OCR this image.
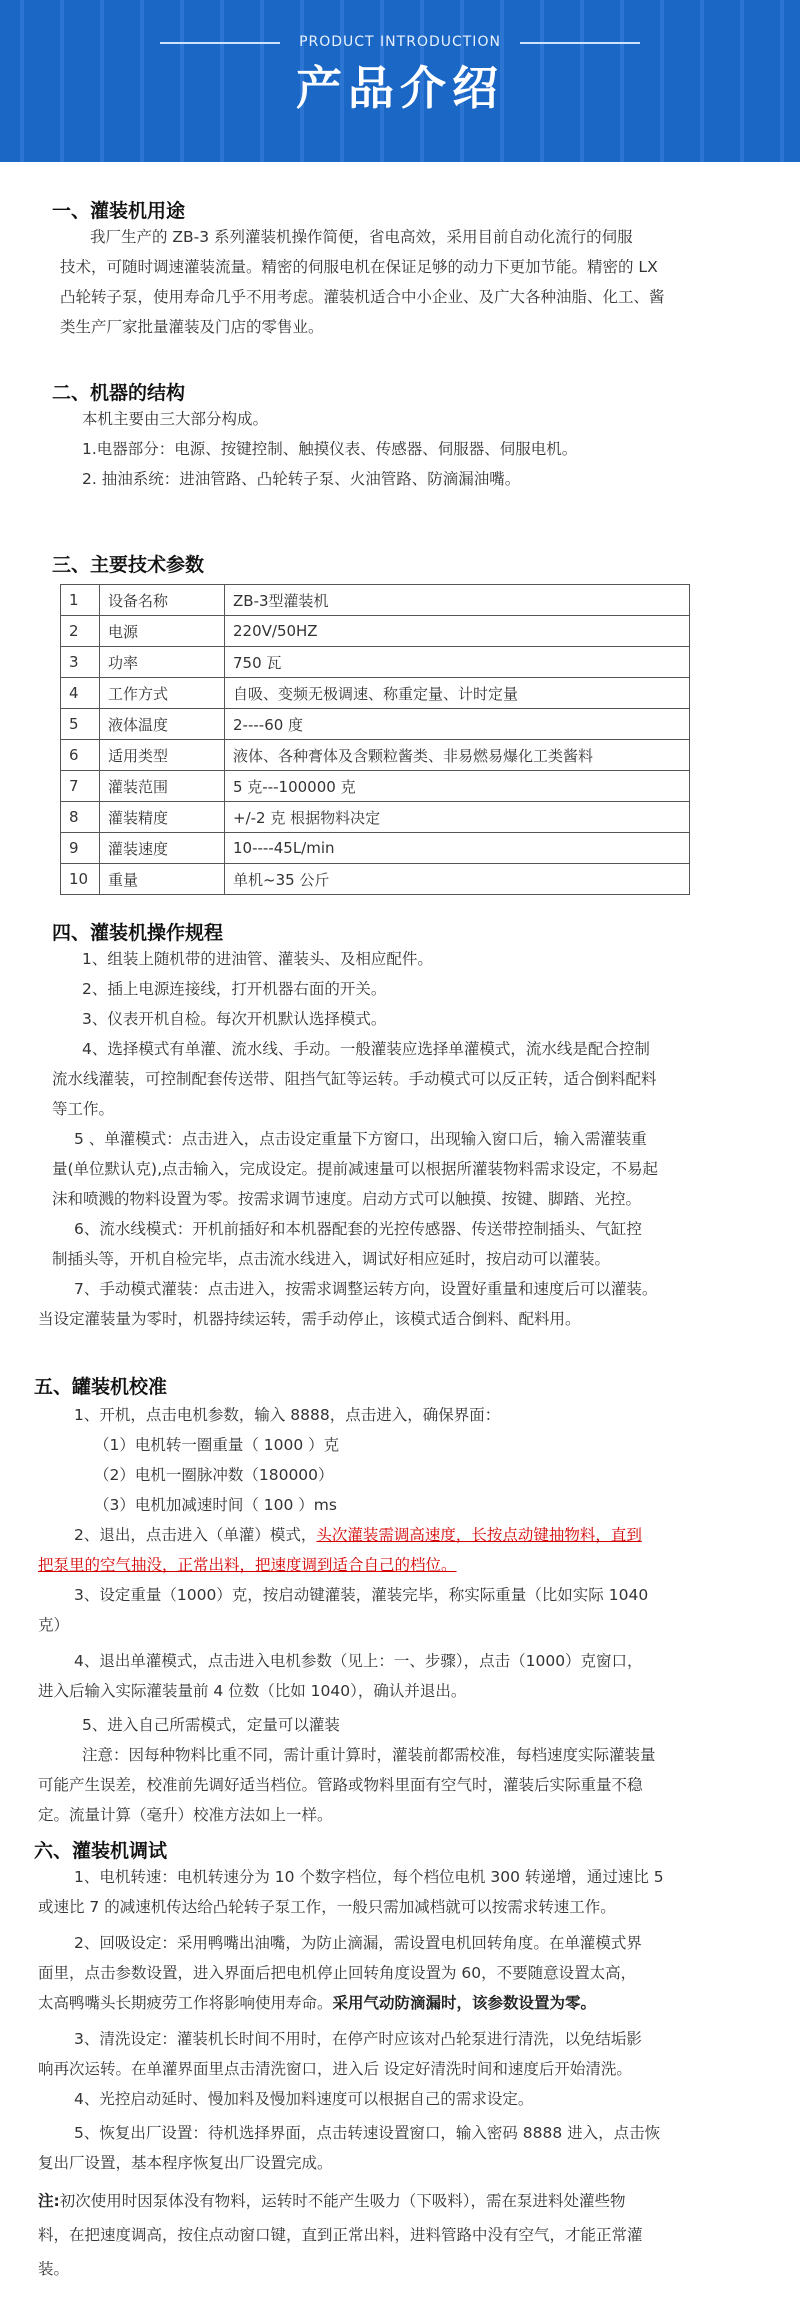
PRODUCT INTRODUCTION
产品介绍
一、灌装机用途
我厂生产的 ZB-3 系列灌装机操作简便，省电高效，采用目前自动化流行的伺服
技术，可随时调速灌装流量。精密的伺服电机在保证足够的动力下更加节能。精密的 LX
凸轮转子泵，使用寿命几乎不用考虑。灌装机适合中小企业、及广大各种油脂、化工、酱
类生产厂家批量灌装及门店的零售业。
二、机器的结构
本机主要由三大部分构成。
1.电器部分：电源、按键控制、触摸仪表、传感器、伺服器、伺服电机。
2. 抽油系统：进油管路、凸轮转子泵、火油管路、防滴漏油嘴。
三、主要技术参数
1	设备名称	ZB-3型灌装机
2	电源	220V/50HZ
3	功率	750 瓦
4	工作方式	自吸、变频无极调速、称重定量、计时定量
5	液体温度	2----60 度
6	适用类型	液体、各种膏体及含颗粒酱类、非易燃易爆化工类酱料
7	灌装范围	5 克---100000 克
8	灌装精度	+/-2 克 根据物料决定
9	灌装速度	10----45L/min
10	重量	单机~35 公斤
四、灌装机操作规程
1、组装上随机带的进油管、灌装头、及相应配件。
2、插上电源连接线，打开机器右面的开关。
3、仪表开机自检。每次开机默认选择模式。
4、选择模式有单灌、流水线、手动。一般灌装应选择单灌模式，流水线是配合控制
流水线灌装，可控制配套传送带、阻挡气缸等运转。手动模式可以反正转，适合倒料配料
等工作。
5 、单灌模式：点击进入，点击设定重量下方窗口，出现输入窗口后，输入需灌装重
量(单位默认克),点击输入，完成设定。提前减速量可以根据所灌装物料需求设定，不易起
沫和喷溅的物料设置为零。按需求调节速度。启动方式可以触摸、按键、脚踏、光控。
6、流水线模式：开机前插好和本机器配套的光控传感器、传送带控制插头、气缸控
制插头等，开机自检完毕，点击流水线进入，调试好相应延时，按启动可以灌装。
7、手动模式灌装：点击进入，按需求调整运转方向，设置好重量和速度后可以灌装。
当设定灌装量为零时，机器持续运转，需手动停止，该模式适合倒料、配料用。
五、罐装机校准
1、开机，点击电机参数，输入 8888，点击进入，确保界面：
（1）电机转一圈重量（ 1000 ）克
（2）电机一圈脉冲数（180000）
（3）电机加减速时间（ 100 ）ms
2、退出，点击进入（单灌）模式，头次灌装需调高速度，长按点动键抽物料，直到
把泵里的空气抽没，正常出料，把速度调到适合自己的档位。
3、设定重量（1000）克，按启动键灌装，灌装完毕，称实际重量（比如实际 1040
克）
4、退出单灌模式，点击进入电机参数（见上：一、步骤），点击（1000）克窗口，
进入后输入实际灌装量前 4 位数（比如 1040），确认并退出。
5、进入自己所需模式，定量可以灌装
注意：因每种物料比重不同，需计重计算时，灌装前都需校准，每档速度实际灌装量
可能产生误差，校准前先调好适当档位。管路或物料里面有空气时，灌装后实际重量不稳
定。流量计算（毫升）校准方法如上一样。
六、灌装机调试
1、电机转速：电机转速分为 10 个数字档位，每个档位电机 300 转递增，通过速比 5
或速比 7 的减速机传达给凸轮转子泵工作，一般只需加减档就可以按需求转速工作。
2、回吸设定：采用鸭嘴出油嘴，为防止滴漏，需设置电机回转角度。在单灌模式界
面里，点击参数设置，进入界面后把电机停止回转角度设置为 60，不要随意设置太高，
太高鸭嘴头长期疲劳工作将影响使用寿命。采用气动防滴漏时，该参数设置为零。
3、清洗设定：灌装机长时间不用时，在停产时应该对凸轮泵进行清洗，以免结垢影
响再次运转。在单灌界面里点击清洗窗口，进入后 设定好清洗时间和速度后开始清洗。
4、光控启动延时、慢加料及慢加料速度可以根据自己的需求设定。
5、恢复出厂设置：待机选择界面，点击转速设置窗口，输入密码 8888 进入，点击恢
复出厂设置，基本程序恢复出厂设置完成。
注:初次使用时因泵体没有物料，运转时不能产生吸力（下吸料），需在泵进料处灌些物
料，在把速度调高，按住点动窗口键，直到正常出料，进料管路中没有空气，才能正常灌
装。
